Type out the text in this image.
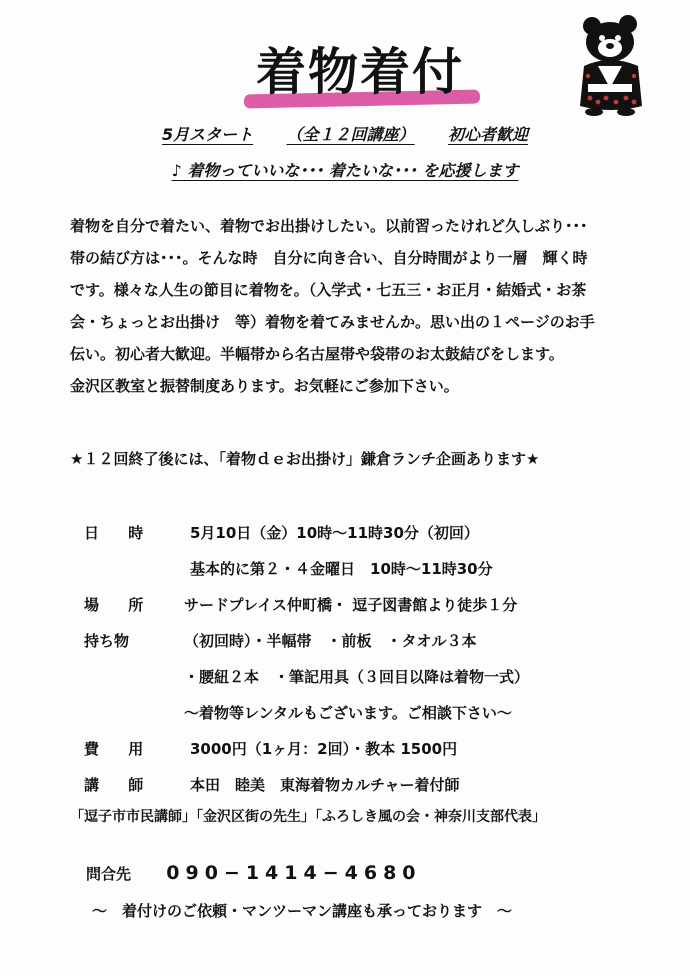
着物着付
5月スタート （全１２回講座） 初心者歓迎
♪ 着物っていいな･･･ 着たいな･･･ を応援します
着物を自分で着たい、着物でお出掛けしたい。以前習ったけれど久しぶり･･･
帯の結び方は･･･。そんな時　自分に向き合い、自分時間がより一層　輝く時
です。様々な人生の節目に着物を。（入学式・七五三・お正月・結婚式・お茶
会・ちょっとお出掛け　等）着物を着てみませんか。思い出の１ページのお手
伝い。初心者大歓迎。半幅帯から名古屋帯や袋帯のお太鼓結びをします。
金沢区教室と振替制度あります。お気軽にご参加下さい。
★１２回終了後には、「着物ｄｅお出掛け」鎌倉ランチ企画あります★
日 時	5月10日（金）10時〜11時30分（初回）
基本的に第２・４金曜日　10時〜11時30分
場 所	サードプレイス仲町橋・ 逗子図書館より徒歩１分
持ち物	（初回時）・半幅帯　・前板　・タオル３本
・腰紐２本　・筆記用具（３回目以降は着物一式）
〜着物等レンタルもございます。ご相談下さい〜
費 用	3000円（1ヶ月：2回）・教本 1500円
講 師	本田　睦美　東海着物カルチャー着付師
「逗子市市民講師」「金沢区街の先生」「ふろしき風の会・神奈川支部代表」
問合先 090−1414−4680
〜　着付けのご依頼・マンツーマン講座も承っております　〜
